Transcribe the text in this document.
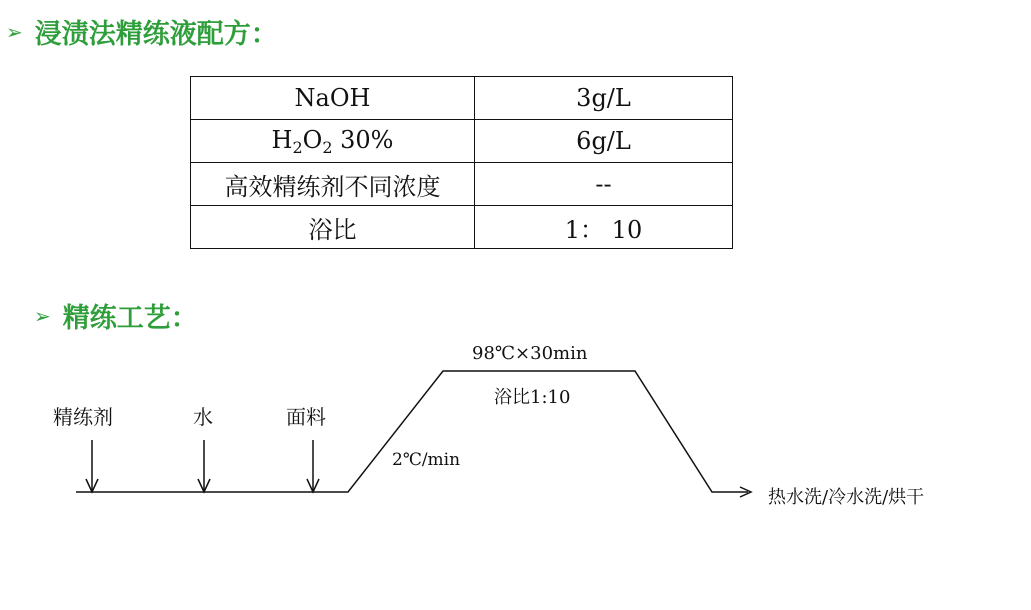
➢ 浸渍法精练液配方：
NaOH	3g/L
$H_2O_2$ 30%	6g/L
高效精练剂不同浓度	--
浴比	1： 10
➢ 精练工艺：
精练剂	水	面料
2℃/min
98℃×30min
浴比1:10
热水洗/冷水洗/烘干
